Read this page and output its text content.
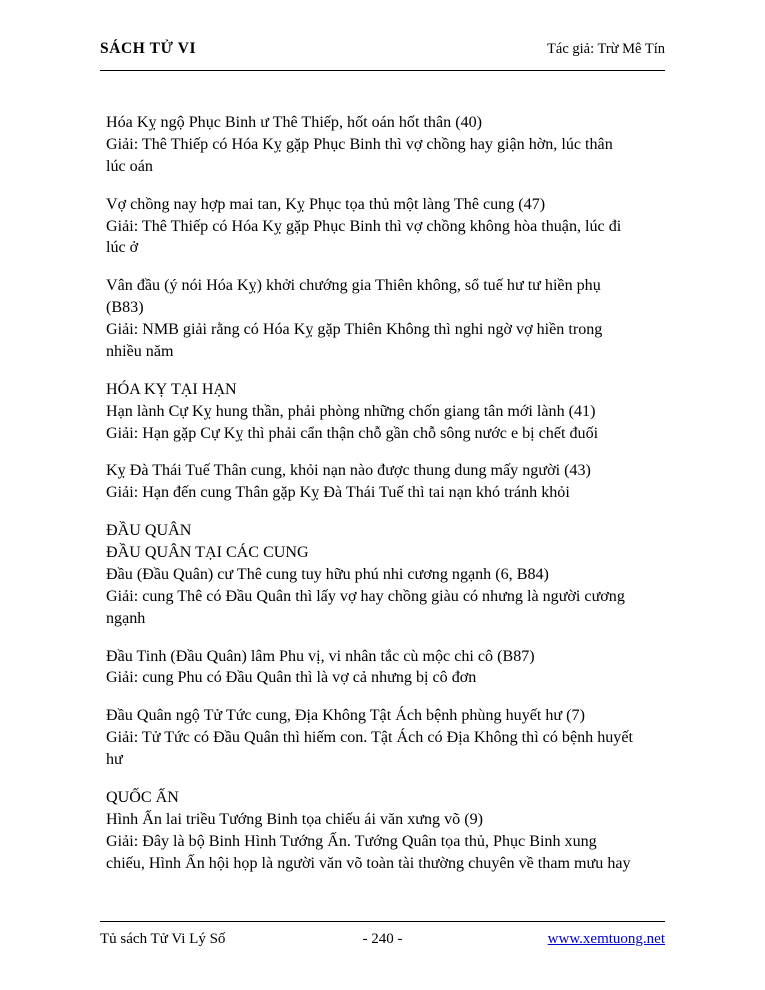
SÁCH TỬ VI	Tác giả: Trừ Mê Tín

Hóa Kỵ ngộ Phục Binh ư Thê Thiếp, hốt oán hốt thân (40)

Giải: Thê Thiếp có Hóa Kỵ gặp Phục Binh thì vợ chồng hay giận hờn, lúc thân

lúc oán

Vợ chồng nay hợp mai tan, Kỵ Phục tọa thủ một làng Thê cung (47)

Giải: Thê Thiếp có Hóa Kỵ gặp Phục Binh thì vợ chồng không hòa thuận, lúc đi

lúc ở

Vân đầu (ý nói Hóa Kỵ) khởi chướng gia Thiên không, sổ tuế hư tư hiền phụ

(B83)

Giải: NMB giải rằng có Hóa Kỵ gặp Thiên Không thì nghi ngờ vợ hiền trong

nhiều năm

HÓA KỴ TẠI HẠN

Hạn lành Cự Kỵ hung thần, phải phòng những chốn giang tân mới lành (41)

Giải: Hạn gặp Cự Kỵ thì phải cẩn thận chỗ gần chỗ sông nước e bị chết đuối

Kỵ Đà Thái Tuế Thân cung, khỏi nạn nào được thung dung mấy người (43)

Giải: Hạn đến cung Thân gặp Kỵ Đà Thái Tuế thì tai nạn khó tránh khỏi

ĐẦU QUÂN

ĐẦU QUÂN TẠI CÁC CUNG

Đầu (Đầu Quân) cư Thê cung tuy hữu phú nhi cương ngạnh (6, B84)

Giải: cung Thê có Đầu Quân thì lấy vợ hay chồng giàu có nhưng là người cương

ngạnh

Đầu Tinh (Đầu Quân) lâm Phu vị, vi nhân tắc cù mộc chi cô (B87)

Giải: cung Phu có Đầu Quân thì là vợ cả nhưng bị cô đơn

Đầu Quân ngộ Tử Tức cung, Địa Không Tật Ách bệnh phùng huyết hư (7)

Giải: Tử Tức có Đầu Quân thì hiếm con. Tật Ách có Địa Không thì có bệnh huyết

hư

QUỐC ẤN

Hình Ấn lai triều Tướng Binh tọa chiếu ái văn xưng võ (9)

Giải: Đây là bộ Binh Hình Tướng Ấn. Tướng Quân tọa thủ, Phục Binh xung

chiếu, Hình Ấn hội họp là người văn võ toàn tài thường chuyên về tham mưu hay

Tủ sách Tử Vi Lý Số	- 240 -	www.xemtuong.net
